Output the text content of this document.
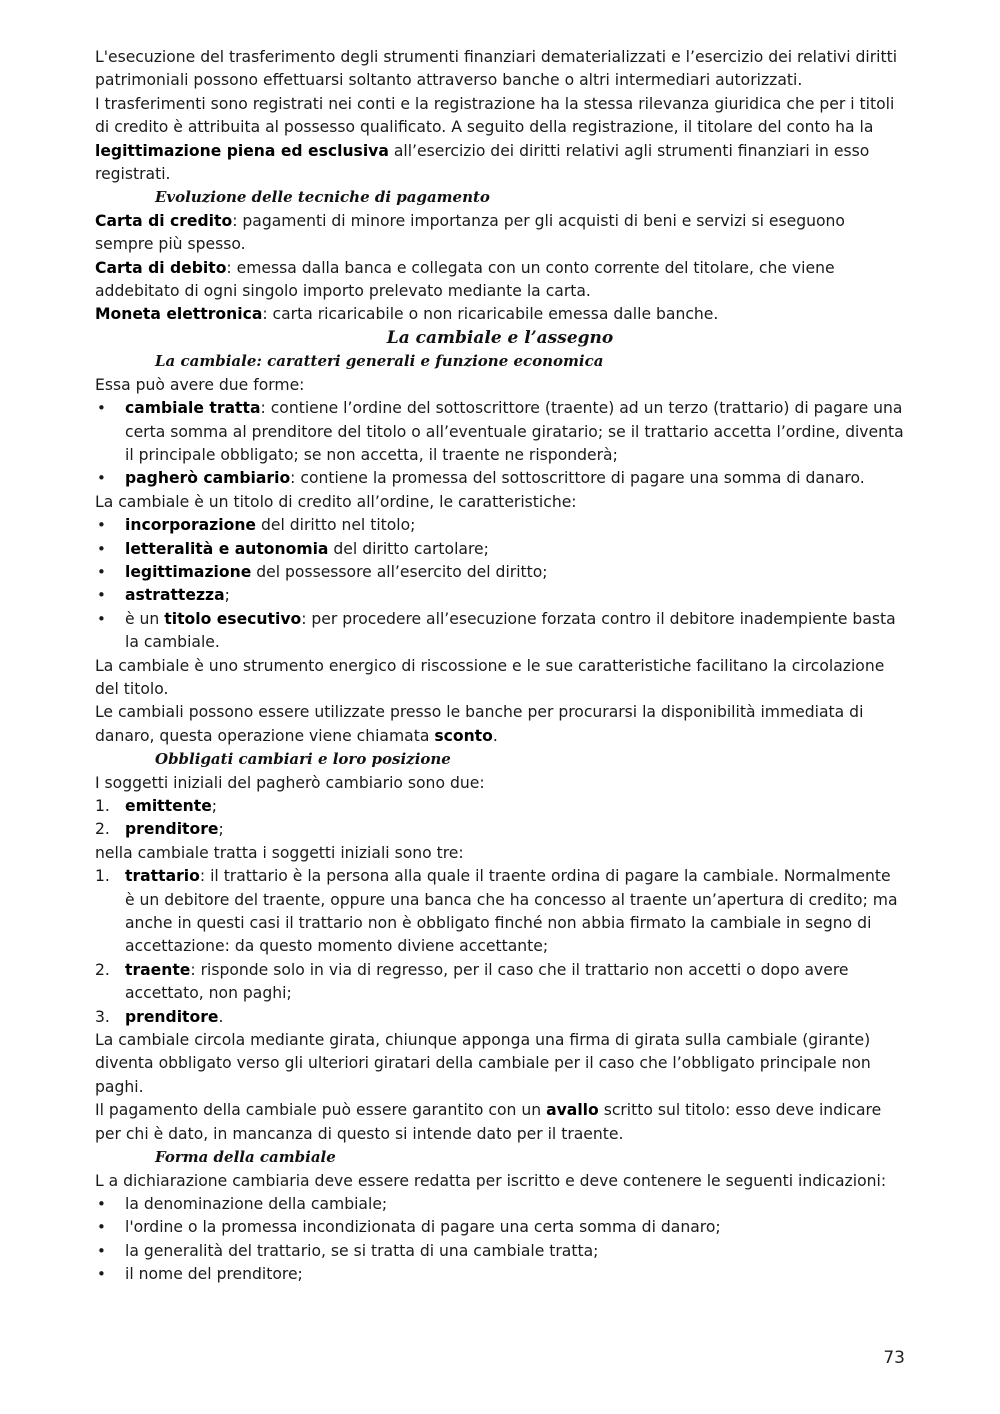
L'esecuzione del trasferimento degli strumenti finanziari dematerializzati e l’esercizio dei relativi diritti patrimoniali possono effettuarsi soltanto attraverso banche o altri intermediari autorizzati.

I trasferimenti sono registrati nei conti e la registrazione ha la stessa rilevanza giuridica che per i titoli di credito è attribuita al possesso qualificato. A seguito della registrazione, il titolare del conto ha la legittimazione piena ed esclusiva all’esercizio dei diritti relativi agli strumenti finanziari in esso registrati.

Evoluzione delle tecniche di pagamento

Carta di credito: pagamenti di minore importanza per gli acquisti di beni e servizi si eseguono sempre più spesso.

Carta di debito: emessa dalla banca e collegata con un conto corrente del titolare, che viene addebitato di ogni singolo importo prelevato mediante la carta.

Moneta elettronica: carta ricaricabile o non ricaricabile emessa dalle banche.

La cambiale e l’assegno
La cambiale: caratteri generali e funzione economica

Essa può avere due forme:

• cambiale tratta: contiene l’ordine del sottoscrittore (traente) ad un terzo (trattario) di pagare una certa somma al prenditore del titolo o all’eventuale giratario; se il trattario accetta l’ordine, diventa il principale obbligato; se non accetta, il traente ne risponderà;
• pagherò cambiario: contiene la promessa del sottoscrittore di pagare una somma di danaro.

La cambiale è un titolo di credito all’ordine, le caratteristiche:

• incorporazione del diritto nel titolo;
• letteralità e autonomia del diritto cartolare;
• legittimazione del possessore all’esercito del diritto;
• astrattezza;
• è un titolo esecutivo: per procedere all’esecuzione forzata contro il debitore inadempiente basta la cambiale.

La cambiale è uno strumento energico di riscossione e le sue caratteristiche facilitano la circolazione del titolo.

Le cambiali possono essere utilizzate presso le banche per procurarsi la disponibilità immediata di danaro, questa operazione viene chiamata sconto.

Obbligati cambiari e loro posizione

I soggetti iniziali del pagherò cambiario sono due:

1. emittente;
2. prenditore;

nella cambiale tratta i soggetti iniziali sono tre:

1. trattario: il trattario è la persona alla quale il traente ordina di pagare la cambiale. Normalmente è un debitore del traente, oppure una banca che ha concesso al traente un’apertura di credito; ma anche in questi casi il trattario non è obbligato finché non abbia firmato la cambiale in segno di accettazione: da questo momento diviene accettante;
2. traente: risponde solo in via di regresso, per il caso che il trattario non accetti o dopo avere accettato, non paghi;
3. prenditore.

La cambiale circola mediante girata, chiunque apponga una firma di girata sulla cambiale (girante) diventa obbligato verso gli ulteriori giratari della cambiale per il caso che l’obbligato principale non paghi.

Il pagamento della cambiale può essere garantito con un avallo scritto sul titolo: esso deve indicare per chi è dato, in mancanza di questo si intende dato per il traente.

Forma della cambiale

L a dichiarazione cambiaria deve essere redatta per iscritto e deve contenere le seguenti indicazioni:

• la denominazione della cambiale;
• l'ordine o la promessa incondizionata di pagare una certa somma di danaro;
• la generalità del trattario, se si tratta di una cambiale tratta;
• il nome del prenditore;
73
